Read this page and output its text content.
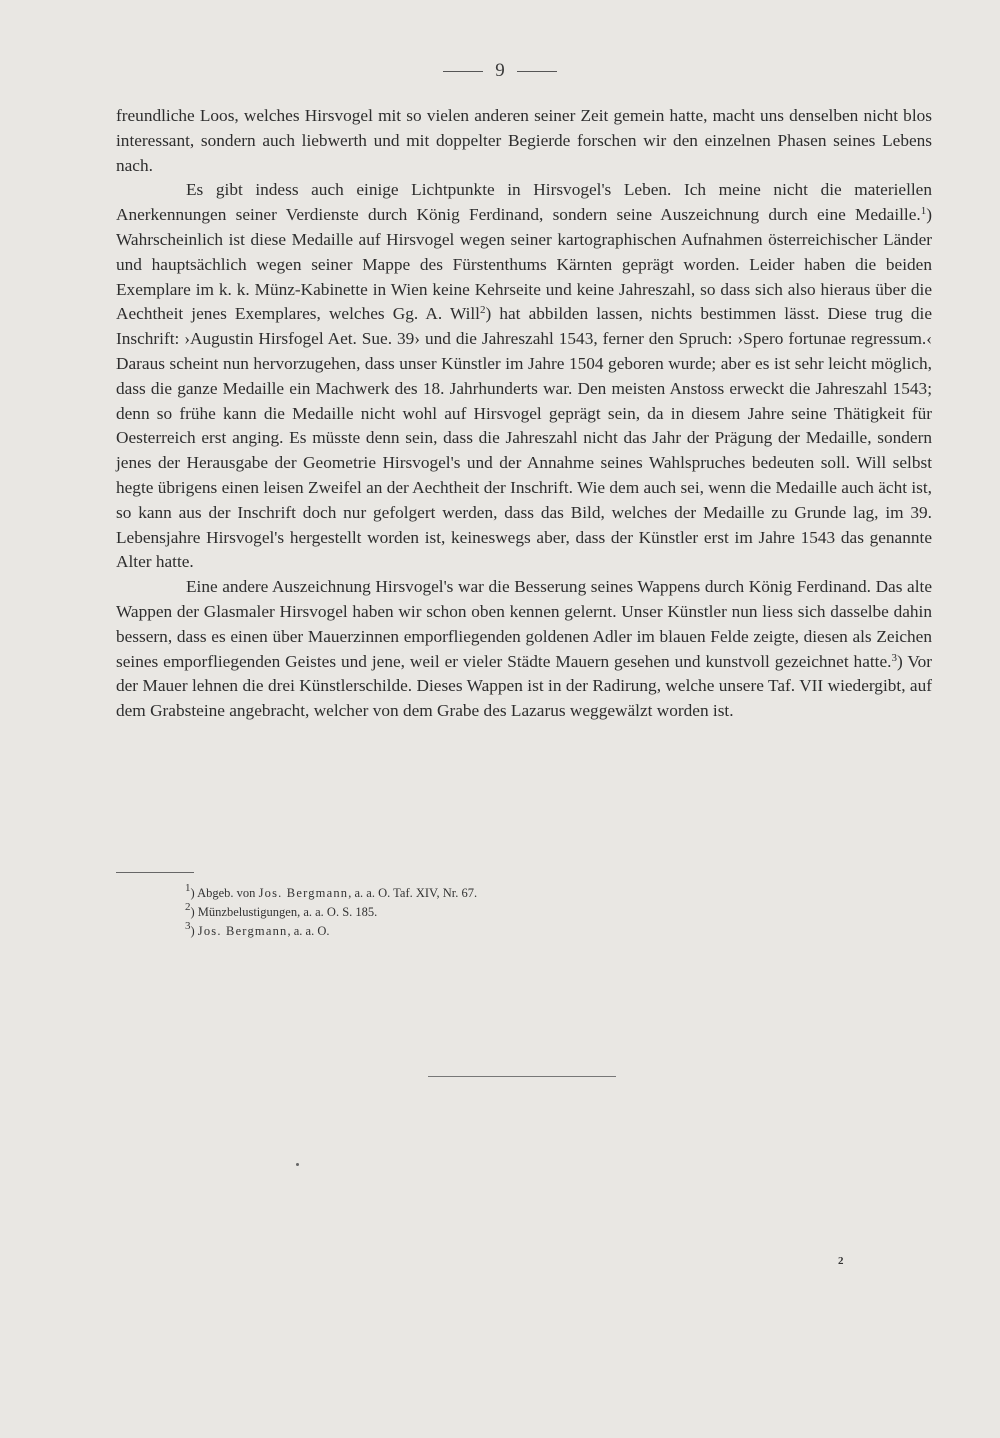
9

freundliche Loos, welches Hirsvogel mit so vielen anderen seiner Zeit gemein hatte, macht uns denselben nicht blos interessant, sondern auch liebwerth und mit doppelter Begierde forschen wir den einzelnen Phasen seines Lebens nach.

Es gibt indess auch einige Lichtpunkte in Hirsvogel's Leben. Ich meine nicht die materiellen Anerkennungen seiner Verdienste durch König Ferdinand, sondern seine Auszeichnung durch eine Medaille.$^1$) Wahrscheinlich ist diese Medaille auf Hirsvogel wegen seiner kartographischen Aufnahmen österreichischer Länder und hauptsächlich wegen seiner Mappe des Fürstenthums Kärnten geprägt worden. Leider haben die beiden Exemplare im k. k. Münz-Kabinette in Wien keine Kehrseite und keine Jahreszahl, so dass sich also hieraus über die Aechtheit jenes Exemplares, welches Gg. A. Will$^2$) hat abbilden lassen, nichts bestimmen lässt. Diese trug die Inschrift: ›Augustin Hirsfogel Aet. Sue. 39› und die Jahreszahl 1543, ferner den Spruch: ›Spero fortunae regressum.‹ Daraus scheint nun hervorzugehen, dass unser Künstler im Jahre 1504 geboren wurde; aber es ist sehr leicht möglich, dass die ganze Medaille ein Machwerk des 18. Jahrhunderts war. Den meisten Anstoss erweckt die Jahreszahl 1543; denn so frühe kann die Medaille nicht wohl auf Hirsvogel geprägt sein, da in diesem Jahre seine Thätigkeit für Oesterreich erst anging. Es müsste denn sein, dass die Jahreszahl nicht das Jahr der Prägung der Medaille, sondern jenes der Herausgabe der Geometrie Hirsvogel's und der Annahme seines Wahlspruches bedeuten soll. Will selbst hegte übrigens einen leisen Zweifel an der Aechtheit der Inschrift. Wie dem auch sei, wenn die Medaille auch ächt ist, so kann aus der Inschrift doch nur gefolgert werden, dass das Bild, welches der Medaille zu Grunde lag, im 39. Lebensjahre Hirsvogel's hergestellt worden ist, keineswegs aber, dass der Künstler erst im Jahre 1543 das genannte Alter hatte.

Eine andere Auszeichnung Hirsvogel's war die Besserung seines Wappens durch König Ferdinand. Das alte Wappen der Glasmaler Hirsvogel haben wir schon oben kennen gelernt. Unser Künstler nun liess sich dasselbe dahin bessern, dass es einen über Mauerzinnen emporfliegenden goldenen Adler im blauen Felde zeigte, diesen als Zeichen seines emporfliegenden Geistes und jene, weil er vieler Städte Mauern gesehen und kunstvoll gezeichnet hatte.$^3$) Vor der Mauer lehnen die drei Künstlerschilde. Dieses Wappen ist in der Radirung, welche unsere Taf. VII wiedergibt, auf dem Grabsteine angebracht, welcher von dem Grabe des Lazarus weggewälzt worden ist.

$^1$) Abgeb. von Jos. Bergmann, a. a. O. Taf. XIV, Nr. 67.
$^2$) Münzbelustigungen, a. a. O. S. 185.
$^3$) Jos. Bergmann, a. a. O.
2
